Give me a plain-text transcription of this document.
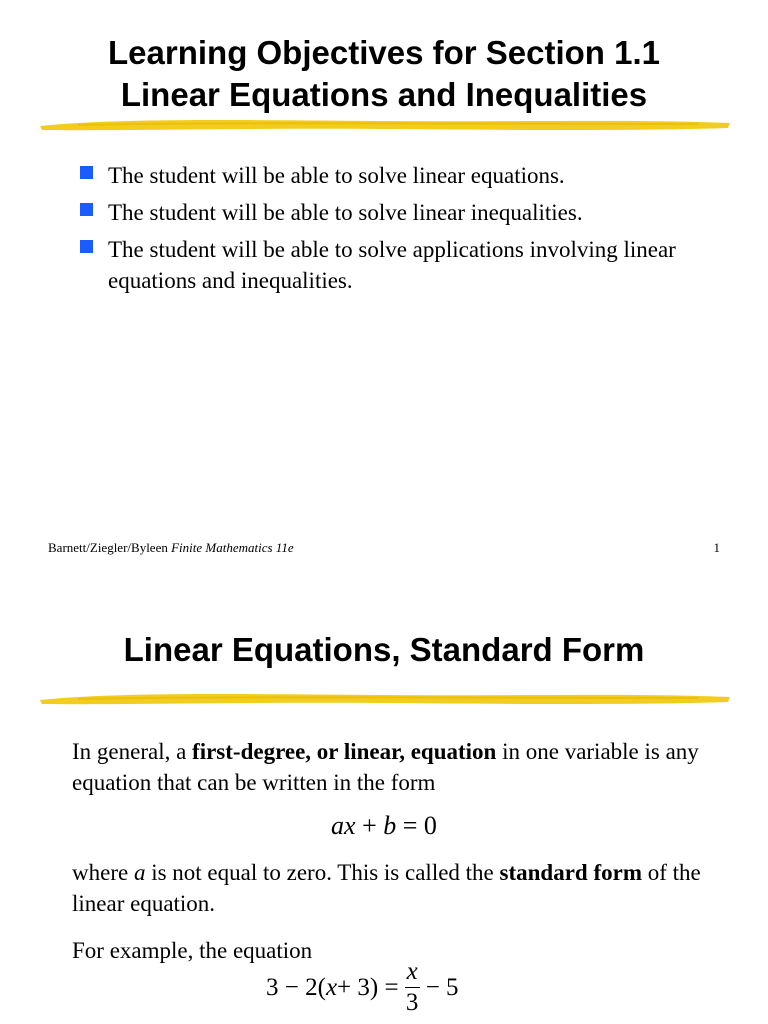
Learning Objectives for Section 1.1
Linear Equations and Inequalities
The student will be able to solve linear equations.
The student will be able to solve linear inequalities.
The student will be able to solve applications involving linear equations and inequalities.
Barnett/Ziegler/Byleen Finite Mathematics 11e	1
Linear Equations, Standard Form

In general, a first-degree, or linear, equation in one variable is any equation that can be written in the form

ax + b = 0

where a is not equal to zero. This is called the standard form of the linear equation.

For example, the equation

3 − 2( $x + 3) = \frac{x}{3} - 5$
